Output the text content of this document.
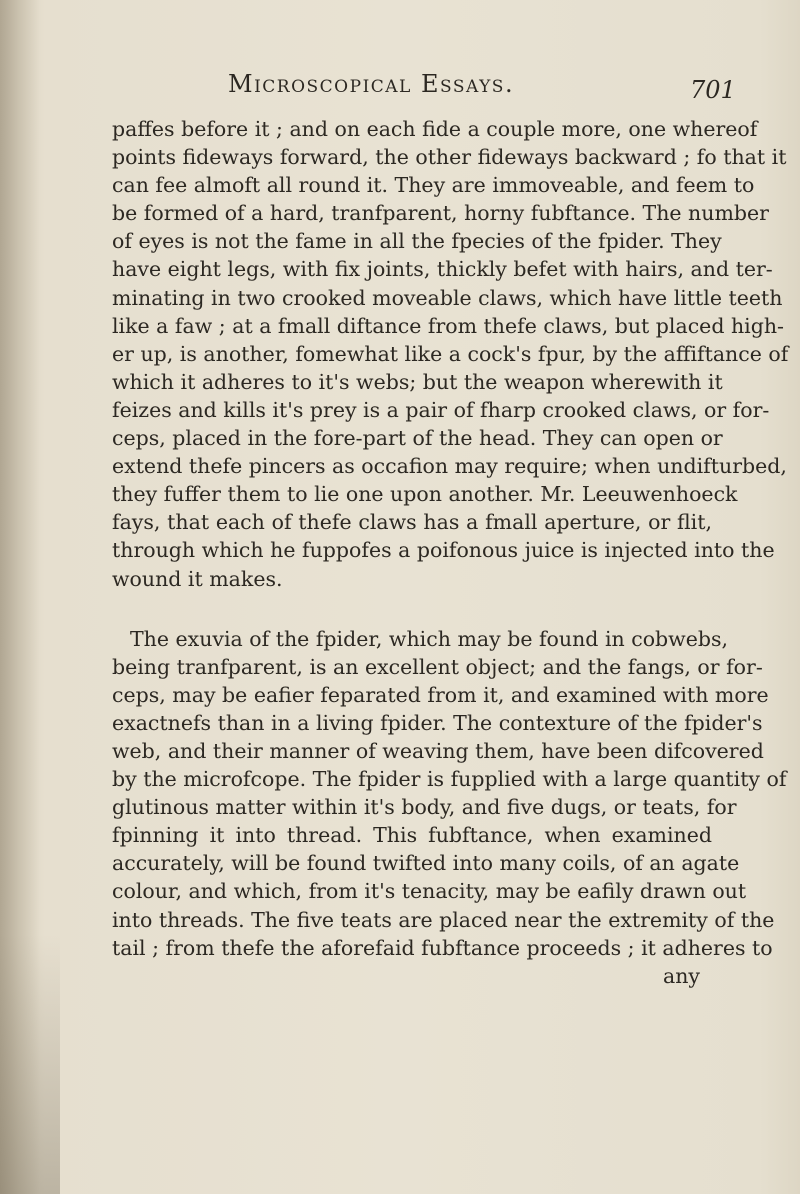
Microscopical Essays.	701
paffes before it ; and on each fide a couple more, one whereof
points fideways forward, the other fideways backward ; fo that it
can fee almoft all round it. They are immoveable, and feem to
be formed of a hard, tranfparent, horny fubftance. The number
of eyes is not the fame in all the fpecies of the fpider. They
have eight legs, with fix joints, thickly befet with hairs, and ter-
minating in two crooked moveable claws, which have little teeth
like a faw ; at a fmall diftance from thefe claws, but placed high-
er up, is another, fomewhat like a cock's fpur, by the affiftance of
which it adheres to it's webs; but the weapon wherewith it
feizes and kills it's prey is a pair of fharp crooked claws, or for-
ceps, placed in the fore-part of the head. They can open or
extend thefe pincers as occafion may require; when undifturbed,
they fuffer them to lie one upon another. Mr. Leeuwenhoeck
fays, that each of thefe claws has a fmall aperture, or flit,
through which he fuppofes a poifonous juice is injected into the
wound it makes.
The exuvia of the fpider, which may be found in cobwebs,
being tranfparent, is an excellent object; and the fangs, or for-
ceps, may be eafier feparated from it, and examined with more
exactnefs than in a living fpider. The contexture of the fpider's
web, and their manner of weaving them, have been difcovered
by the microfcope. The fpider is fupplied with a large quantity of
glutinous matter within it's body, and five dugs, or teats, for
fpinning it into thread. This fubftance, when examined
accurately, will be found twifted into many coils, of an agate
colour, and which, from it's tenacity, may be eafily drawn out
into threads. The five teats are placed near the extremity of the
tail ; from thefe the aforefaid fubftance proceeds ; it adheres to
any
